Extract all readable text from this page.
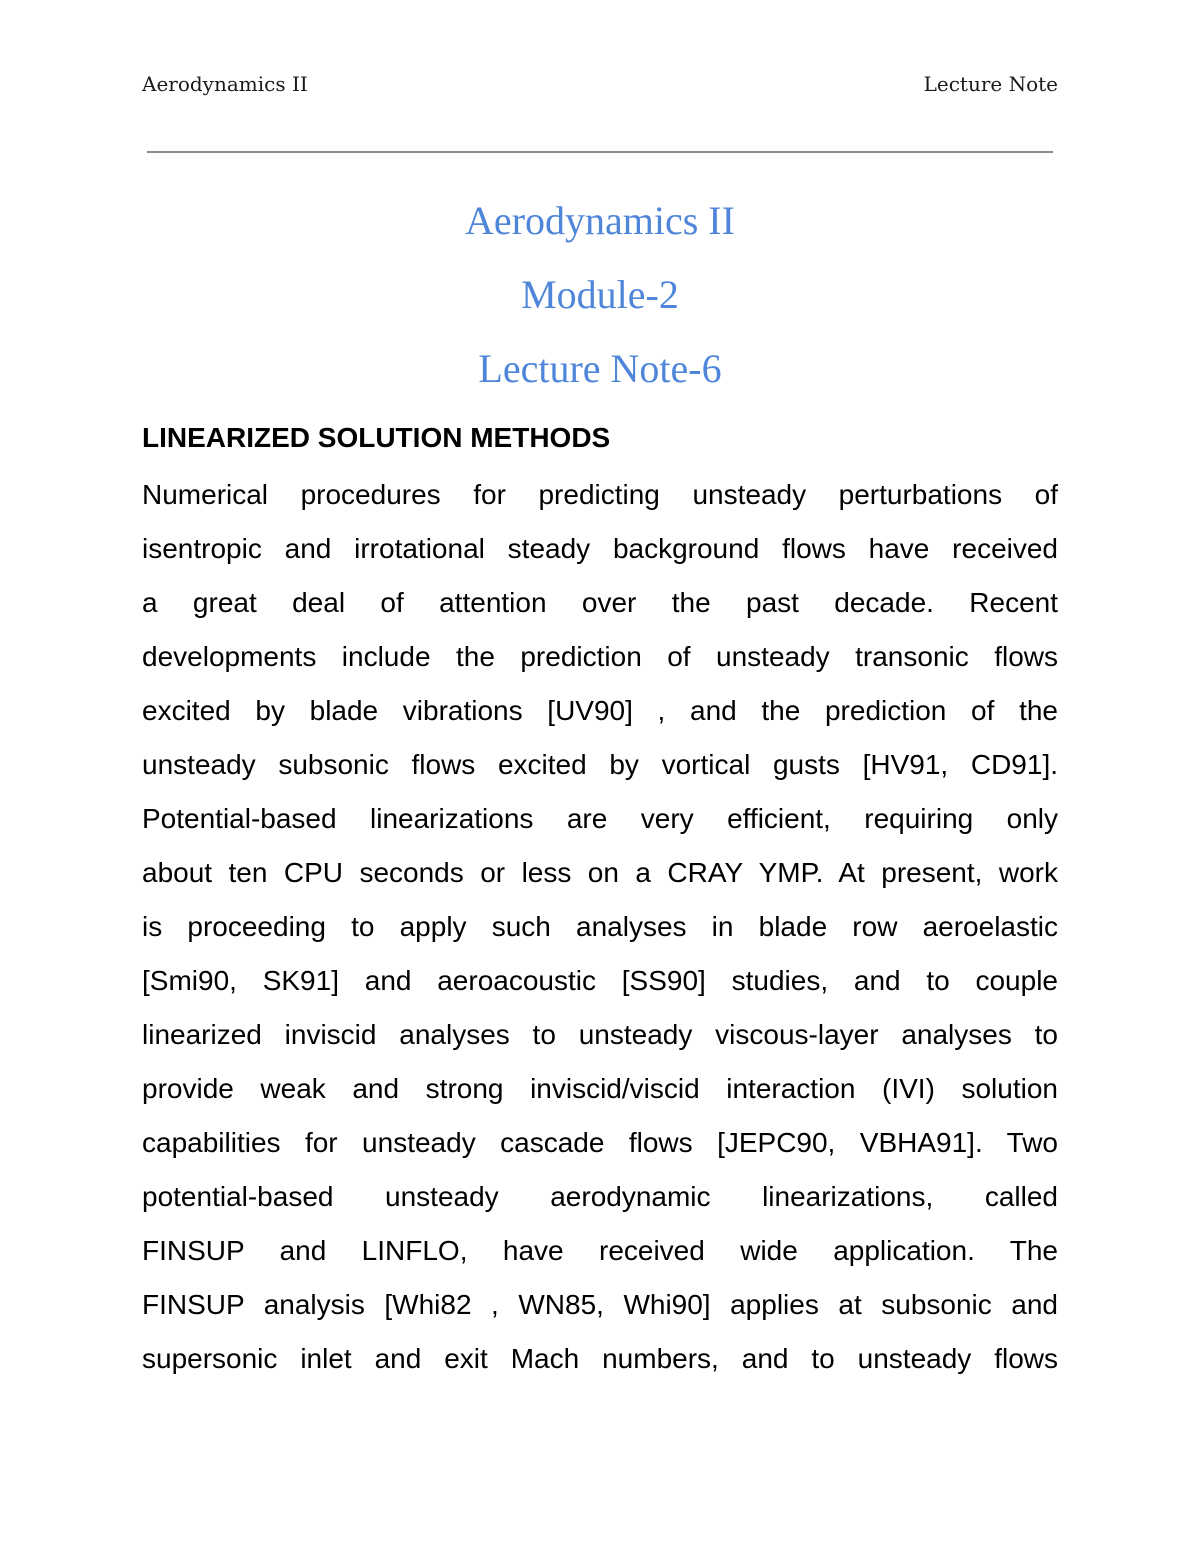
Aerodynamics II	Lecture Note
Aerodynamics II
Module-2
Lecture Note-6
LINEARIZED SOLUTION METHODS
Numerical procedures for predicting unsteady perturbations of
isentropic and irrotational steady background flows have received
a great deal of attention over the past decade. Recent
developments include the prediction of unsteady transonic flows
excited by blade vibrations [UV90] , and the prediction of the
unsteady subsonic flows excited by vortical gusts [HV91, CD91].
Potential-based linearizations are very efficient, requiring only
about ten CPU seconds or less on a CRAY YMP. At present, work
is proceeding to apply such analyses in blade row aeroelastic
[Smi90, SK91] and aeroacoustic [SS90] studies, and to couple
linearized inviscid analyses to unsteady viscous-layer analyses to
provide weak and strong inviscid/viscid interaction (IVI) solution
capabilities for unsteady cascade flows [JEPC90, VBHA91]. Two
potential-based unsteady aerodynamic linearizations, called
FINSUP and LINFLO, have received wide application. The
FINSUP analysis [Whi82 , WN85, Whi90] applies at subsonic and
supersonic inlet and exit Mach numbers, and to unsteady flows
